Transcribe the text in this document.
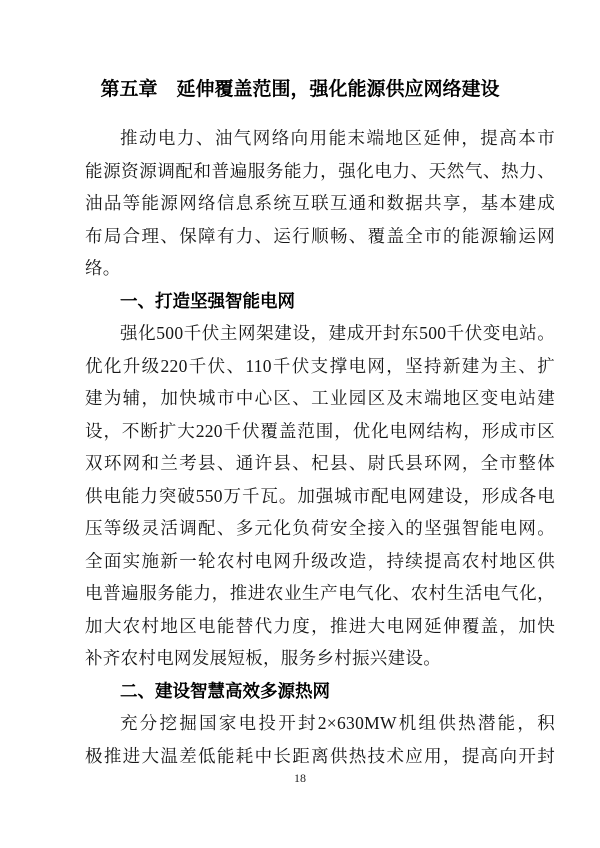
第五章　延伸覆盖范围，强化能源供应网络建设
推动电力、油气网络向用能末端地区延伸，提高本市
能源资源调配和普遍服务能力，强化电力、天然气、热力、
油品等能源网络信息系统互联互通和数据共享，基本建成
布局合理、保障有力、运行顺畅、覆盖全市的能源输运网
络。
一、打造坚强智能电网
强化500千伏主网架建设，建成开封东500千伏变电站。
优化升级220千伏、110千伏支撑电网，坚持新建为主、扩
建为辅，加快城市中心区、工业园区及末端地区变电站建
设，不断扩大220千伏覆盖范围，优化电网结构，形成市区
双环网和兰考县、通许县、杞县、尉氏县环网，全市整体
供电能力突破550万千瓦。加强城市配电网建设，形成各电
压等级灵活调配、多元化负荷安全接入的坚强智能电网。
全面实施新一轮农村电网升级改造，持续提高农村地区供
电普遍服务能力，推进农业生产电气化、农村生活电气化，
加大农村地区电能替代力度，推进大电网延伸覆盖，加快
补齐农村电网发展短板，服务乡村振兴建设。
二、建设智慧高效多源热网
充分挖掘国家电投开封2×630MW机组供热潜能，积
极推进大温差低能耗中长距离供热技术应用，提高向开封
18
